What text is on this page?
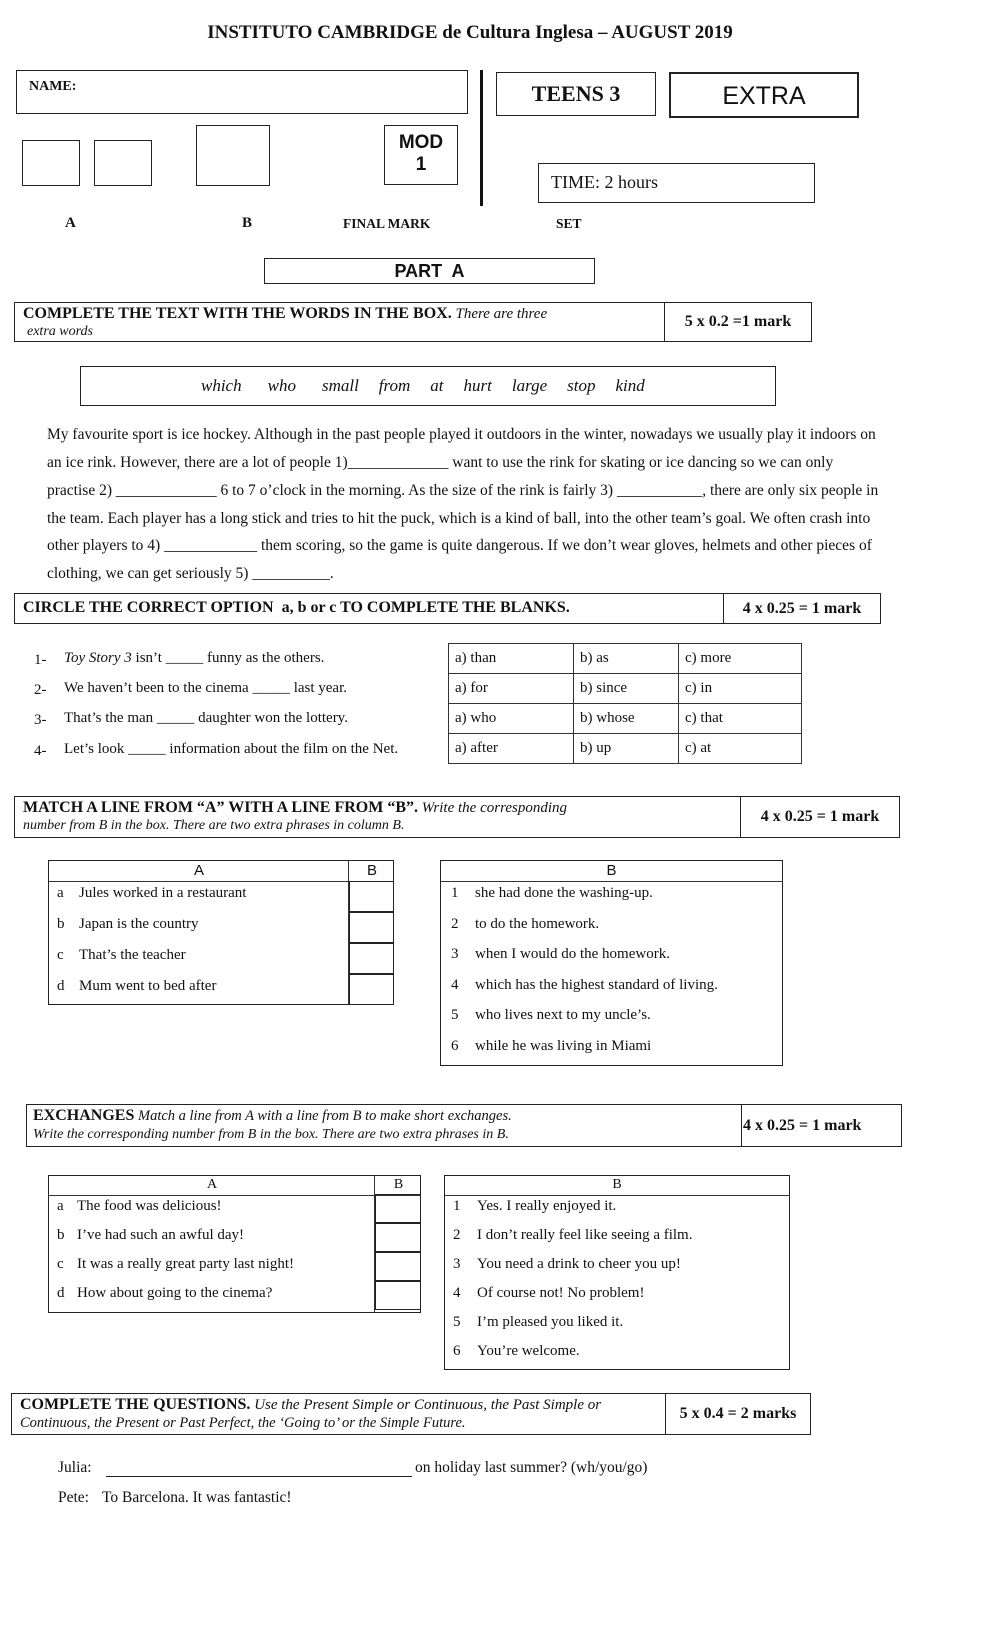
INSTITUTO CAMBRIDGE de Cultura Inglesa – AUGUST 2019
NAME:	TEENS 3	EXTRA
MOD
1
TIME: 2 hours
A	B	FINAL MARK	SET
PART  A
COMPLETE THE TEXT WITH THE WORDS IN THE BOX. There are three
extra words
5 x 0.2 =1 mark
which who small from at hurt large stop kind
My favourite sport is ice hockey. Although in the past people played it outdoors in the winter, nowadays we usually play it indoors on
an ice rink. However, there are a lot of people 1)_____________ want to use the rink for skating or ice dancing so we can only
practise 2) _____________ 6 to 7 o’clock in the morning. As the size of the rink is fairly 3) ___________, there are only six people in
the team. Each player has a long stick and tries to hit the puck, which is a kind of ball, into the other team’s goal. We often crash into
other players to 4) ____________ them scoring, so the game is quite dangerous. If we don’t wear gloves, helmets and other pieces of
clothing, we can get seriously 5) __________.
CIRCLE THE CORRECT OPTION a, b or c TO COMPLETE THE BLANKS.	4 x 0.25 = 1 mark
1- Toy Story 3 isn’t _____ funny as the others.
2- We haven’t been to the cinema _____ last year.
3- That’s the man _____ daughter won the lottery.
4- Let’s look _____ information about the film on the Net.
a) than	b) as	c) more
a) for	b) since	c) in
a) who	b) whose	c) that
a) after	b) up	c) at
MATCH A LINE FROM “A” WITH A LINE FROM “B”. Write the corresponding
number from B in the box. There are two extra phrases in column B.
4 x 0.25 = 1 mark
A	B
a Jules worked in a restaurant
b Japan is the country
c That’s the teacher
d Mum went to bed after
B
1 she had done the washing-up.
2 to do the homework.
3 when I would do the homework.
4 which has the highest standard of living.
5 who lives next to my uncle’s.
6 while he was living in Miami
EXCHANGES Match a line from A with a line from B to make short exchanges.
Write the corresponding number from B in the box. There are two extra phrases in B.
4 x 0.25 = 1 mark
A	B
a The food was delicious!
b I’ve had such an awful day!
c It was a really great party last night!
d How about going to the cinema?
B
1 Yes. I really enjoyed it.
2 I don’t really feel like seeing a film.
3 You need a drink to cheer you up!
4 Of course not! No problem!
5 I’m pleased you liked it.
6 You’re welcome.
COMPLETE THE QUESTIONS. Use the Present Simple or Continuous, the Past Simple or
Continuous, the Present or Past Perfect, the ‘Going to’ or the Simple Future.
5 x 0.4 = 2 marks
Julia:	on holiday last summer? (wh/you/go)
Pete: To Barcelona. It was fantastic!
